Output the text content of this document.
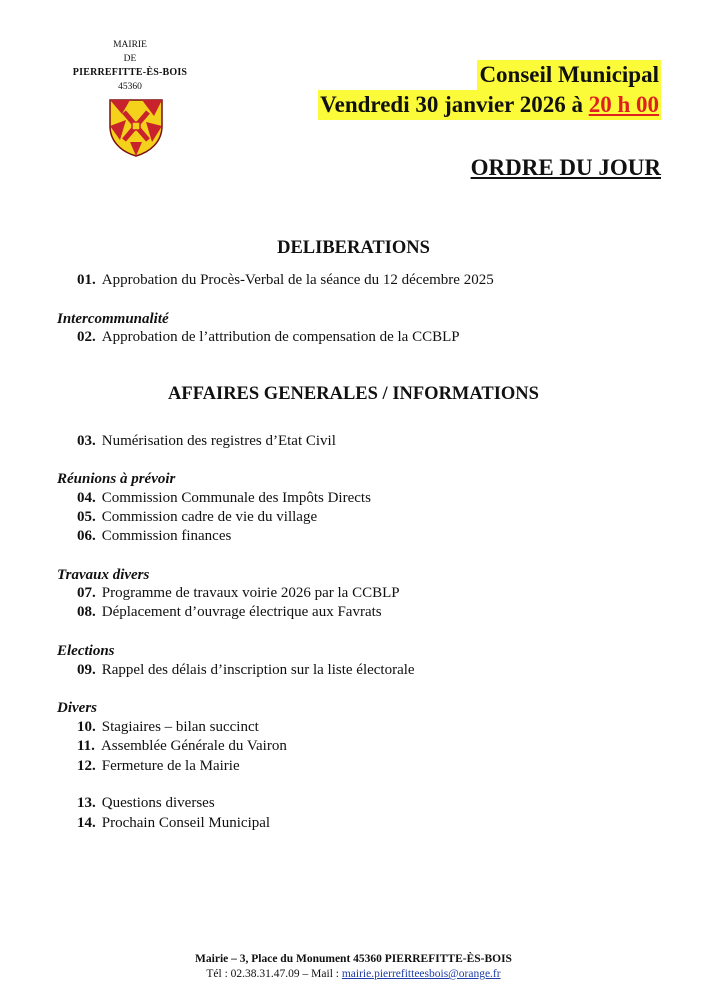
MAIRIE
DE
PIERREFITTE-ÈS-BOIS
45360	Conseil Municipal
Vendredi 30 janvier 2026 à 20 h 00
ORDRE DU JOUR
DELIBERATIONS
01. Approbation du Procès-Verbal de la séance du 12 décembre 2025
Intercommunalité
02. Approbation de l’attribution de compensation de la CCBLP
AFFAIRES GENERALES / INFORMATIONS
03. Numérisation des registres d’Etat Civil
Réunions à prévoir
04. Commission Communale des Impôts Directs
05. Commission cadre de vie du village
06. Commission finances
Travaux divers
07. Programme de travaux voirie 2026 par la CCBLP
08. Déplacement d’ouvrage électrique aux Favrats
Elections
09. Rappel des délais d’inscription sur la liste électorale
Divers
10. Stagiaires – bilan succinct
11. Assemblée Générale du Vairon
12. Fermeture de la Mairie
13. Questions diverses
14. Prochain Conseil Municipal
Mairie – 3, Place du Monument 45360 PIERREFITTE-ÈS-BOIS
Tél : 02.38.31.47.09 – Mail : mairie.pierrefitteesbois@orange.fr
